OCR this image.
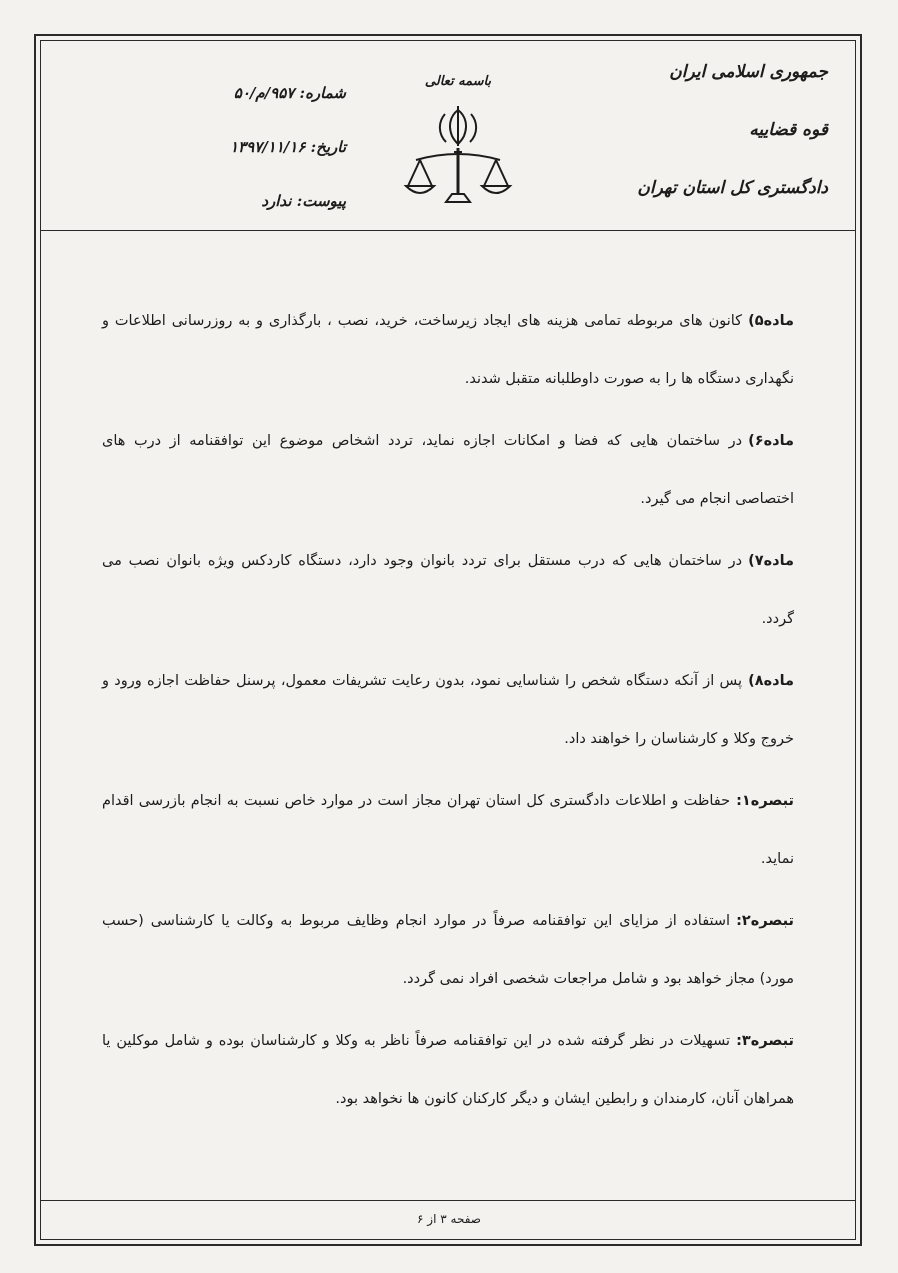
جمهوری اسلامی ایران
قوه قضاییه
دادگستری کل استان تهران
باسمه تعالی
شماره: ۹۵۷/م/۵۰
تاریخ: ۱۳۹۷/۱۱/۱۶
پیوست: ندارد

ماده۵)کانون های مربوطه تمامی هزینه های ایجاد زیرساخت، خرید، نصب ، بارگذاری و به روزرسانی اطلاعات و نگهداری دستگاه ها را به صورت داوطلبانه متقبل شدند.

ماده۶)در ساختمان هایی که فضا و امکانات اجازه نماید، تردد اشخاص موضوع این توافقنامه از درب های اختصاصی انجام می گیرد.

ماده۷)در ساختمان هایی که درب مستقل برای تردد بانوان وجود دارد، دستگاه کاردکس ویژه بانوان نصب می گردد.

ماده۸)پس از آنکه دستگاه شخص را شناسایی نمود، بدون رعایت تشریفات معمول، پرسنل حفاظت اجازه ورود و خروج وکلا و کارشناسان را خواهند داد.

تبصره۱:حفاظت و اطلاعات دادگستری کل استان تهران مجاز است در موارد خاص نسبت به انجام بازرسی اقدام نماید.

تبصره۲:استفاده از مزایای این توافقنامه صرفاً در موارد انجام وظایف مربوط به وکالت یا کارشناسی (حسب مورد) مجاز خواهد بود و شامل مراجعات شخصی افراد نمی گردد.

تبصره۳:تسهیلات در نظر گرفته شده در این توافقنامه صرفاً ناظر به وکلا و کارشناسان بوده و شامل موکلین یا همراهان آنان، کارمندان و رابطین ایشان و دیگر کارکنان کانون ها نخواهد بود.

صفحه ۳ از ۶
